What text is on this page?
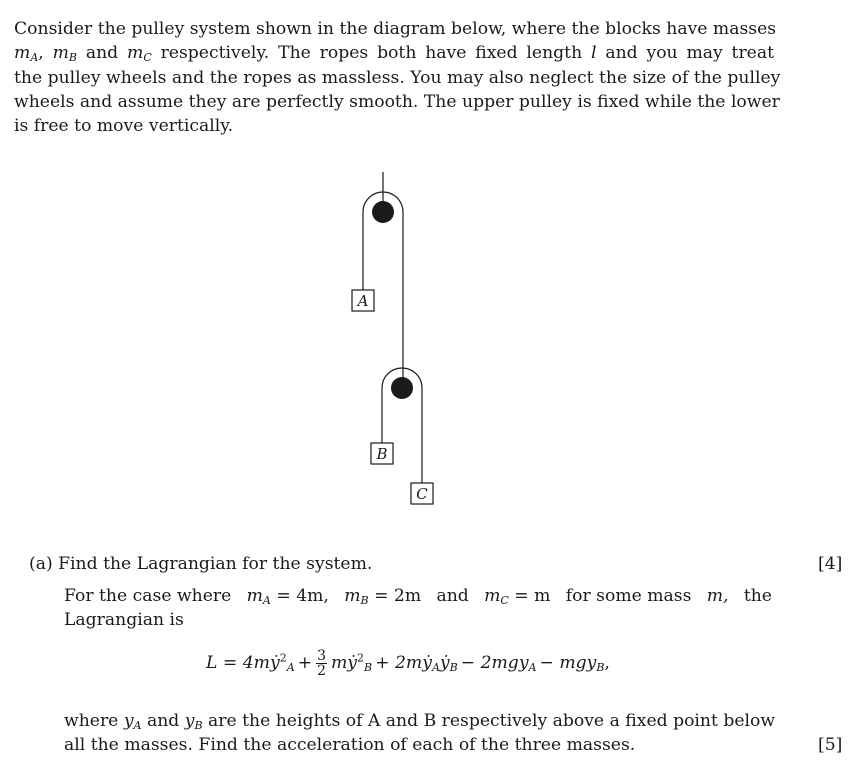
Consider the pulley system shown in the diagram below, where the blocks have masses
$m_A$, $m_B$ and $m_C$ respectively. The ropes both have fixed length l and you may treat
the pulley wheels and the ropes as massless. You may also neglect the size of the pulley
wheels and assume they are perfectly smooth. The upper pulley is fixed while the lower
is free to move vertically.
A
B
C
(a) Find the Lagrangian for the system.	[4]
For the case where $m_A = 4m$, $m_B = 2m$ and $m_C = m$ for some mass m, the
Lagrangian is
L = 4mẏ$^2_A$ + $\frac{3}{2}$ mẏ$^2_B$ + 2mẏ$_A$ẏ$_B$ − 2mgy$_A$ − mgy$_B$,
where $y_A$ and $y_B$ are the heights of A and B respectively above a fixed point below
all the masses. Find the acceleration of each of the three masses.	[5]
